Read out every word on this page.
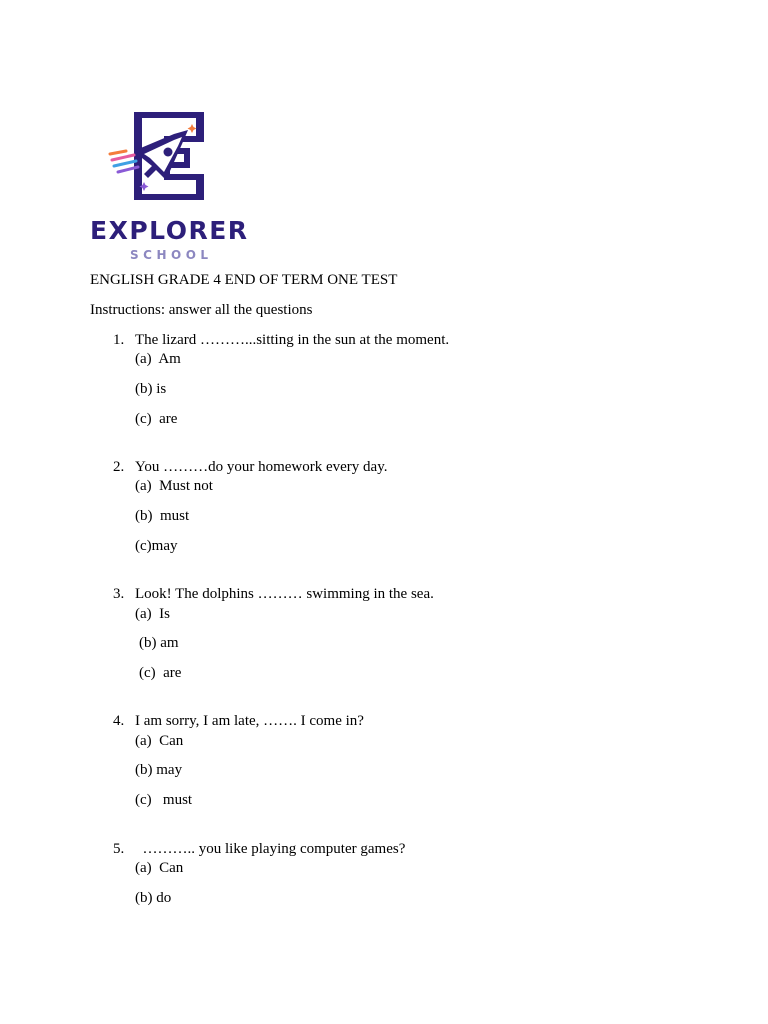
EXPLORER
SCHOOL
ENGLISH GRADE 4 END OF TERM ONE TEST
Instructions: answer all the questions
1. The lizard ………...sitting in the sun at the moment.
(a)  Am
(b) is
(c)  are
2. You ………do your homework every day.
(a)  Must not
(b)  must
(c)may
3. Look! The dolphins ……… swimming in the sea.
(a)  Is
(b) am
(c)  are
4. I am sorry, I am late, ……. I come in?
(a)  Can
(b) may
(c)   must
5. ……….. you like playing computer games?
(a)  Can
(b) do
